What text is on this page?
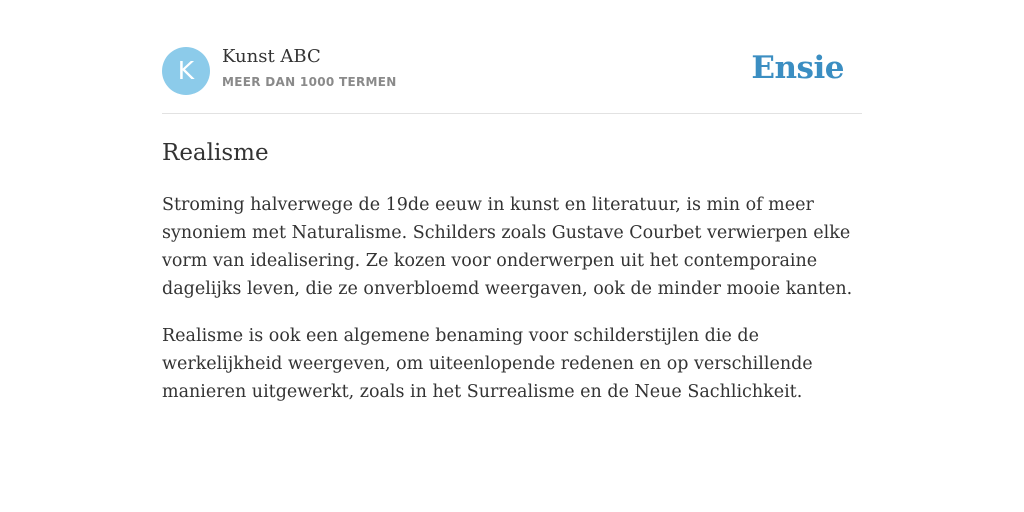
K	Kunst ABC
MEER DAN 1000 TERMEN	Ensie
Realisme

Stroming halverwege de 19de eeuw in kunst en literatuur, is min of meer synoniem met Naturalisme. Schilders zoals Gustave Courbet verwierpen elke vorm van idealisering. Ze kozen voor onderwerpen uit het contemporaine dagelijks leven, die ze onverbloemd weergaven, ook de minder mooie kanten.

Realisme is ook een algemene benaming voor schilderstijlen die de werkelijkheid weergeven, om uiteenlopende redenen en op verschillende manieren uitgewerkt, zoals in het Surrealisme en de Neue Sachlichkeit.
